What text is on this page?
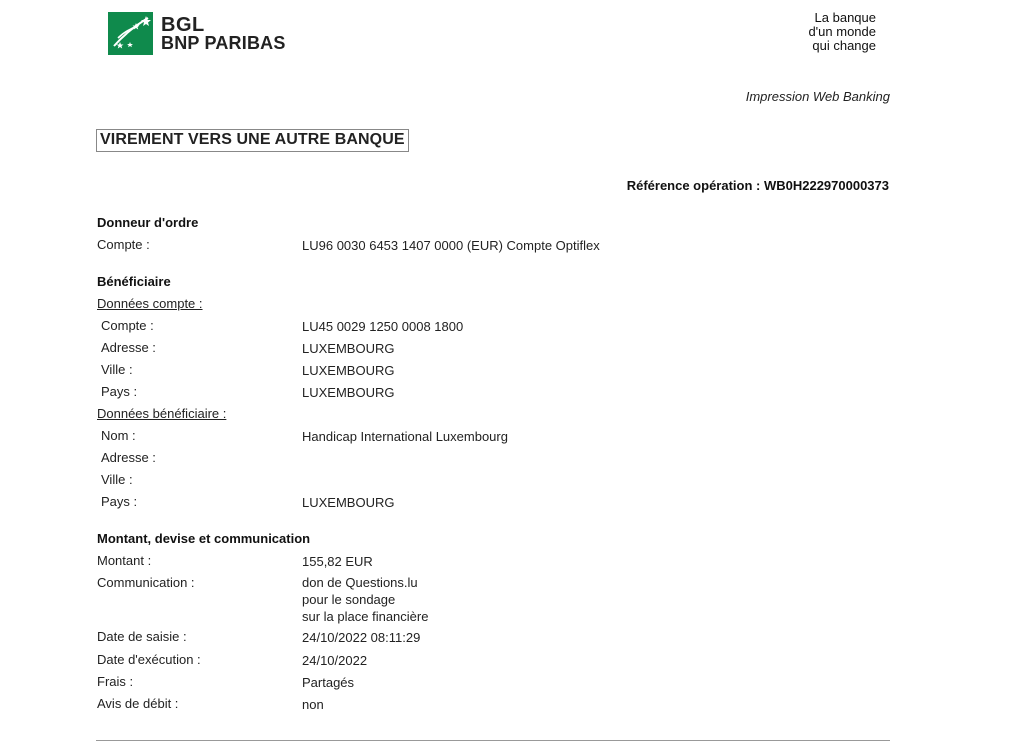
BGL
BNP PARIBAS
La banque
d'un monde
qui change
Impression Web Banking
VIREMENT VERS UNE AUTRE BANQUE
Référence opération : WB0H222970000373
Donneur d'ordre
Compte :	LU96 0030 6453 1407 0000 (EUR) Compte Optiflex
Bénéficiaire
Données compte :
Compte :	LU45 0029 1250 0008 1800
Adresse :	LUXEMBOURG
Ville :	LUXEMBOURG
Pays :	LUXEMBOURG
Données bénéficiaire :
Nom :	Handicap International Luxembourg
Adresse :
Ville :
Pays :	LUXEMBOURG
Montant, devise et communication
Montant :	155,82 EUR
Communication :	don de Questions.lu
pour le sondage
sur la place financière
Date de saisie :	24/10/2022 08:11:29
Date d'exécution :	24/10/2022
Frais :	Partagés
Avis de débit :	non
